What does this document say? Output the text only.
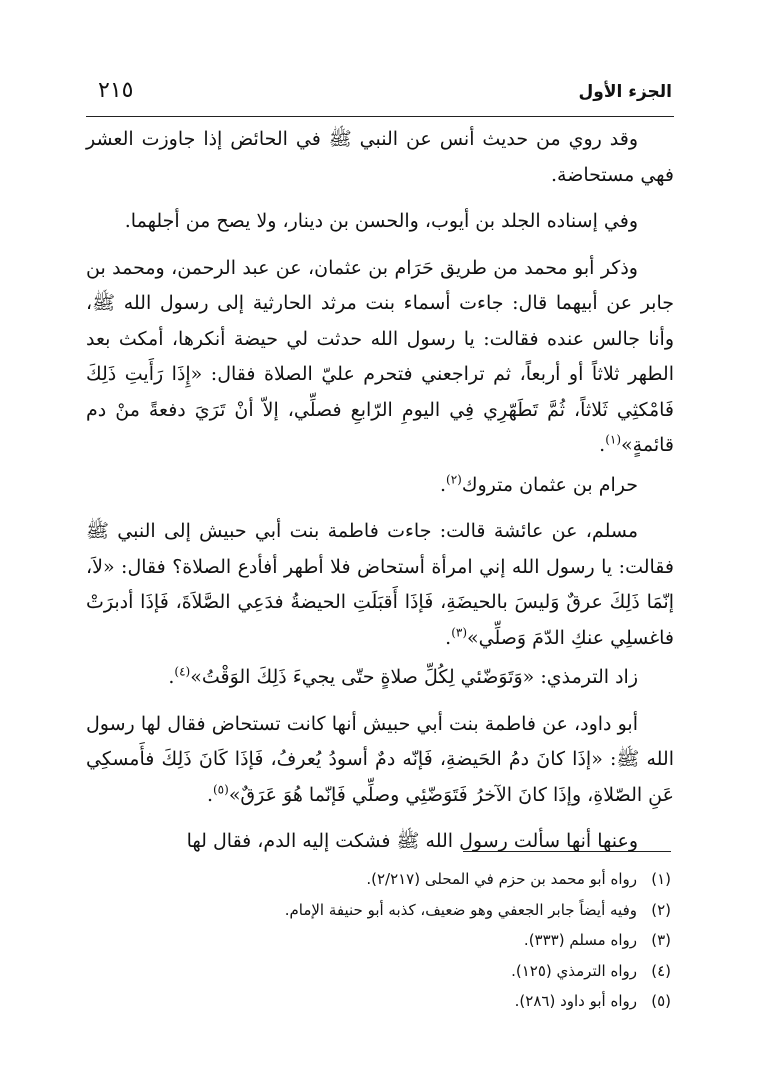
الجزء الأول
٢١٥

وقد روي من حديث أنس عن النبي ﷺ في الحائض إذا جاوزت العشر فهي مستحاضة.

وفي إسناده الجلد بن أيوب، والحسن بن دينار، ولا يصح من أجلهما.

وذكر أبو محمد من طريق حَرَام بن عثمان، عن عبد الرحمن، ومحمد بن جابر عن أبيهما قال: جاءت أسماء بنت مرثد الحارثية إلى رسول الله ﷺ، وأنا جالس عنده فقالت: يا رسول الله حدثت لي حيضة أنكرها، أمكث بعد الطهر ثلاثاً أو أربعاً، ثم تراجعني فتحرم عليّ الصلاة فقال: «إِذَا رَأَيتِ ذَلِكَ فَامْكثِي ثَلاثاً، ثُمَّ تَطَهّرِي فِي اليومِ الرّابعِ فصلِّي، إلاّ أنْ تَرَيَ دفعةً منْ دم قائمةٍ»$^{(١)}$.

حرام بن عثمان متروك$^{(٢)}$.

مسلم، عن عائشة قالت: جاءت فاطمة بنت أبي حبيش إلى النبي ﷺ فقالت: يا رسول الله إني امرأة أستحاض فلا أطهر أفأدع الصلاة؟ فقال: «لاَ، إنّمَا ذَلِكَ عرقٌ وَليسَ بالحيضَةِ، فَإذَا أَقبَلَتِ الحيضةُ فدَعِي الصَّلاَةَ، فَإذَا أدبرَتْ فاغسلِي عنكِ الدّمَ وَصلِّي»$^{(٣)}$.

زاد الترمذي: «وَتَوَضّئي لِكُلِّ صلاةٍ حتّى يجيءَ ذَلِكَ الوَقْتُ»$^{(٤)}$.

أبو داود، عن فاطمة بنت أبي حبيش أنها كانت تستحاض فقال لها رسول الله ﷺ: «إذَا كانَ دمُ الحَيضةِ، فَإنّه دمٌ أسودُ يُعرفُ، فَإذَا كَانَ ذَلِكَ فأَمسكِي عَنِ الصّلاةِ، وإذَا كانَ الآخرُ فَتَوَضّئِي وصلِّي فَإنّما هُوَ عَرَقٌ»$^{(٥)}$.

وعنها أنها سألت رسول الله ﷺ فشكت إليه الدم، فقال لها

(١)رواه أبو محمد بن حزم في المحلى (٢/٢١٧).
(٢)وفيه أيضاً جابر الجعفي وهو ضعيف، كذبه أبو حنيفة الإمام.
(٣)رواه مسلم (٣٣٣).
(٤)رواه الترمذي (١٢٥).
(٥)رواه أبو داود (٢٨٦).
